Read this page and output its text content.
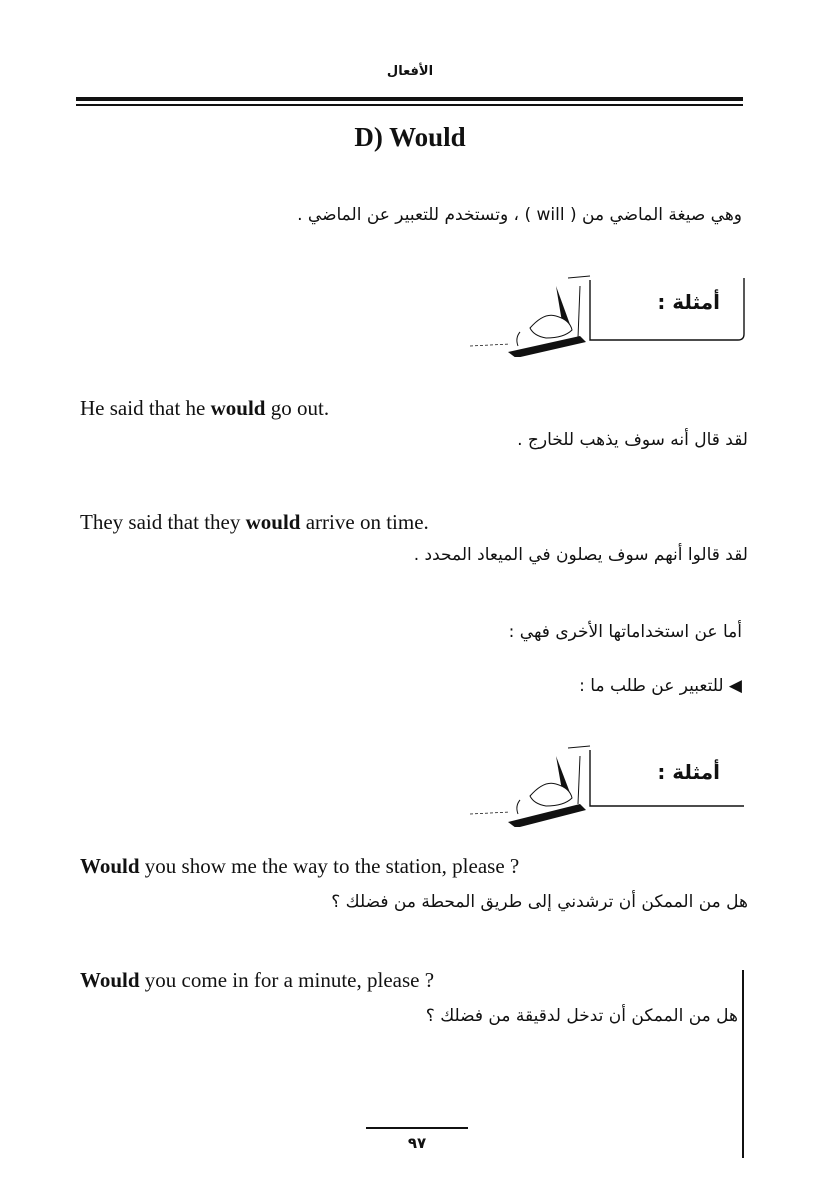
الأفعال
D) Would
وهي صيغة الماضي من ( will ) ، وتستخدم للتعبير عن الماضي .
أمثلة :
He said that he would go out.
لقد قال أنه سوف يذهب للخارج .
They said that they would arrive on time.
لقد قالوا أنهم سوف يصلون في الميعاد المحدد .
أما عن استخداماتها الأخرى فهي :
◀ للتعبير عن طلب ما :
أمثلة :
Would you show me the way to the station, please ?
هل من الممكن أن ترشدني إلى طريق المحطة من فضلك ؟
Would you come in for a minute, please ?
هل من الممكن أن تدخل لدقيقة من فضلك ؟
٩٧
